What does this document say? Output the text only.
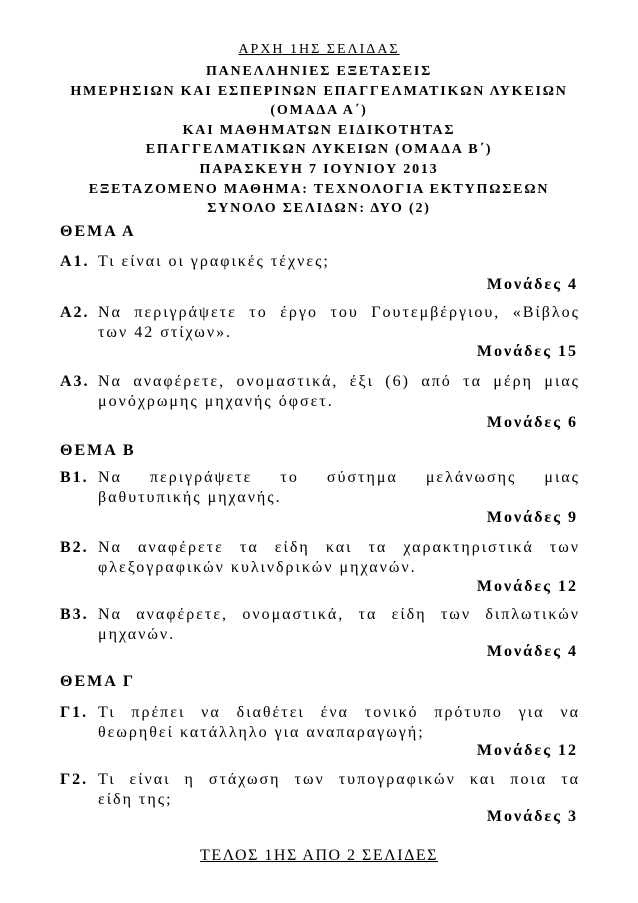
ΑΡΧΗ 1ΗΣ ΣΕΛΙΔΑΣ
ΠΑΝΕΛΛΗΝΙΕΣ ΕΞΕΤΑΣΕΙΣ
ΗΜΕΡΗΣΙΩΝ ΚΑΙ ΕΣΠΕΡΙΝΩΝ ΕΠΑΓΓΕΛΜΑΤΙΚΩΝ ΛΥΚΕΙΩΝ
(ΟΜΑΔΑ Α΄)
ΚΑΙ ΜΑΘΗΜΑΤΩΝ ΕΙΔΙΚΟΤΗΤΑΣ
ΕΠΑΓΓΕΛΜΑΤΙΚΩΝ ΛΥΚΕΙΩΝ (ΟΜΑΔΑ Β΄)
ΠΑΡΑΣΚΕΥΗ 7 ΙΟΥΝΙΟΥ 2013
ΕΞΕΤΑΖΟΜΕΝΟ ΜΑΘΗΜΑ: ΤΕΧΝΟΛΟΓΙΑ ΕΚΤΥΠΩΣΕΩΝ
ΣΥΝΟΛΟ ΣΕΛΙΔΩΝ: ΔΥΟ (2)
ΘΕΜΑ Α
Α1. Τι είναι οι γραφικές τέχνες;
Μονάδες 4
Α2. Να περιγράψετε το έργο του Γουτεμβέργιου, «Βίβλος
των 42 στίχων».
Μονάδες 15
Α3. Να αναφέρετε, ονομαστικά, έξι (6) από τα μέρη μιας
μονόχρωμης μηχανής όφσετ.
Μονάδες 6
ΘΕΜΑ Β
Β1. Να περιγράψετε το σύστημα μελάνωσης μιας
βαθυτυπικής μηχανής.
Μονάδες 9
Β2. Να αναφέρετε τα είδη και τα χαρακτηριστικά των
φλεξογραφικών κυλινδρικών μηχανών.
Μονάδες 12
Β3. Να αναφέρετε, ονομαστικά, τα είδη των διπλωτικών
μηχανών.
Μονάδες 4
ΘΕΜΑ Γ
Γ1. Τι πρέπει να διαθέτει ένα τονικό πρότυπο για να
θεωρηθεί κατάλληλο για αναπαραγωγή;
Μονάδες 12
Γ2. Τι είναι η στάχωση των τυπογραφικών και ποια τα
είδη της;
Μονάδες 3
ΤΕΛΟΣ 1ΗΣ ΑΠΟ 2 ΣΕΛΙΔΕΣ
